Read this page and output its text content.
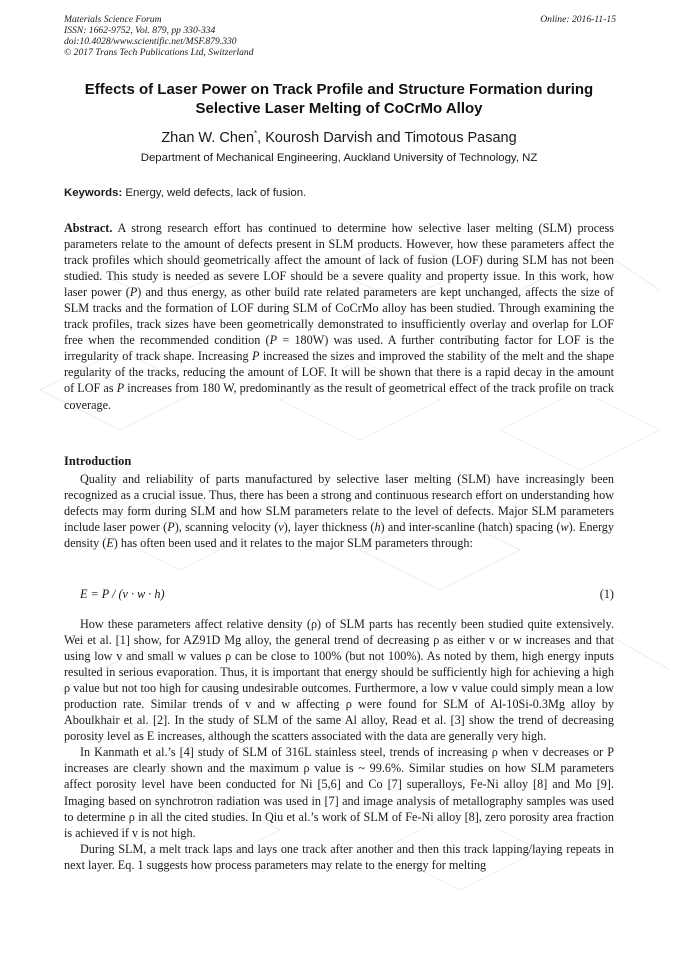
Materials Science Forum
ISSN: 1662-9752, Vol. 879, pp 330-334
doi:10.4028/www.scientific.net/MSF.879.330
© 2017 Trans Tech Publications Ltd, Switzerland
Online: 2016-11-15
Effects of Laser Power on Track Profile and Structure Formation during
Selective Laser Melting of CoCrMo Alloy
Zhan W. Chen*, Kourosh Darvish and Timotous Pasang
Department of Mechanical Engineering, Auckland University of Technology, NZ
Keywords: Energy, weld defects, lack of fusion.
Abstract. A strong research effort has continued to determine how selective laser melting (SLM) process parameters relate to the amount of defects present in SLM products. However, how these parameters affect the track profiles which should geometrically affect the amount of lack of fusion (LOF) during SLM has not been studied. This study is needed as severe LOF should be a severe quality and property issue. In this work, how laser power (P) and thus energy, as other build rate related parameters are kept unchanged, affects the size of SLM tracks and the formation of LOF during SLM of CoCrMo alloy has been studied. Through examining the track profiles, track sizes have been geometrically demonstrated to insufficiently overlay and overlap for LOF free when the recommended condition (P = 180W) was used. A further contributing factor for LOF is the irregularity of track shape. Increasing P increased the sizes and improved the stability of the melt and the shape regularity of the tracks, reducing the amount of LOF. It will be shown that there is a rapid decay in the amount of LOF as P increases from 180 W, predominantly as the result of geometrical effect of the track profile on track coverage.
Introduction

Quality and reliability of parts manufactured by selective laser melting (SLM) have increasingly been recognized as a crucial issue. Thus, there has been a strong and continuous research effort on understanding how defects may form during SLM and how SLM parameters relate to the level of defects. Major SLM parameters include laser power (P), scanning velocity (v), layer thickness (h) and inter-scanline (hatch) spacing (w). Energy density (E) has often been used and it relates to the major SLM parameters through:

E = P / (v · w · h)	(1)

How these parameters affect relative density (ρ) of SLM parts has recently been studied quite extensively. Wei et al. [1] show, for AZ91D Mg alloy, the general trend of decreasing ρ as either v or w increases and that using low v and small w values ρ can be close to 100% (but not 100%). As noted by them, high energy inputs resulted in serious evaporation. Thus, it is important that energy should be sufficiently high for achieving a high ρ value but not too high for causing undesirable outcomes. Furthermore, a low v value could simply mean a low production rate. Similar trends of v and w affecting ρ were found for SLM of Al-10Si-0.3Mg alloy by Aboulkhair et al. [2]. In the study of SLM of the same Al alloy, Read et al. [3] show the trend of decreasing porosity level as E increases, although the scatters associated with the data are generally very high.

In Kanmath et al.’s [4] study of SLM of 316L stainless steel, trends of increasing ρ when v decreases or P increases are clearly shown and the maximum ρ value is ~ 99.6%. Similar studies on how SLM parameters affect porosity level have been conducted for Ni [5,6] and Co [7] superalloys, Fe-Ni alloy [8] and Mo [9]. Imaging based on synchrotron radiation was used in [7] and image analysis of metallography samples was used to determine ρ in all the cited studies. In Qiu et al.’s work of SLM of Fe-Ni alloy [8], zero porosity area fraction is achieved if v is not high.

During SLM, a melt track laps and lays one track after another and then this track lapping/laying repeats in next layer. Eq. 1 suggests how process parameters may relate to the energy for melting
